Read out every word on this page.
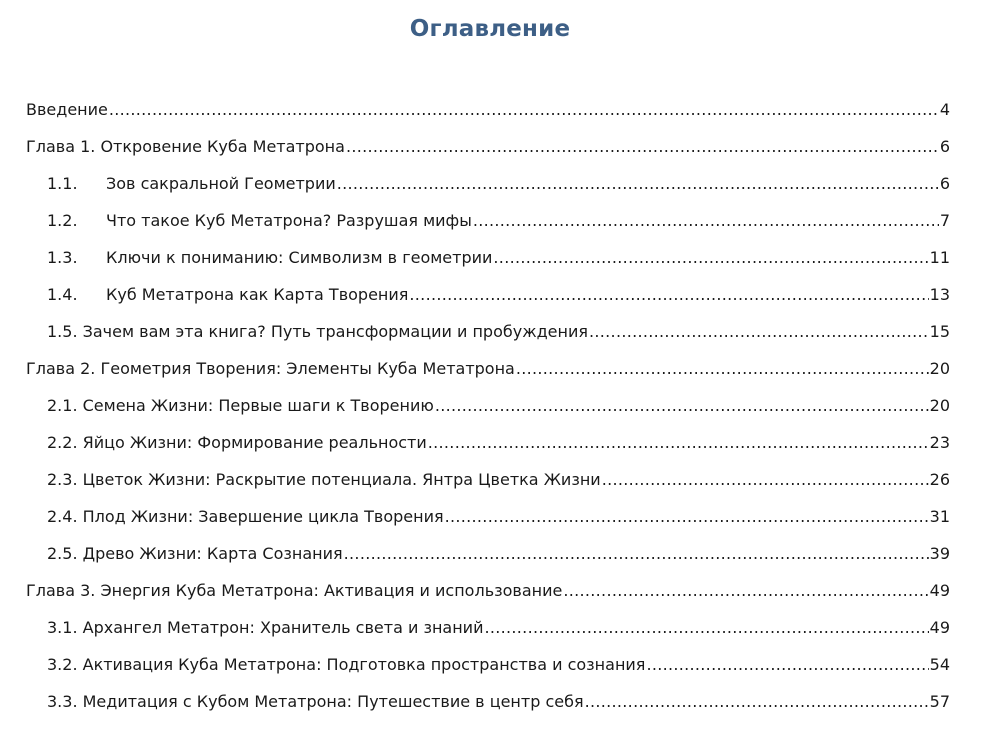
Оглавление
Введение .....	4
Глава 1. Откровение Куба Метатрона .....	6
1.1. Зов сакральной Геометрии .....	6
1.2. Что такое Куб Метатрона? Разрушая мифы .....	7
1.3. Ключи к пониманию: Символизм в геометрии .....	11
1.4. Куб Метатрона как Карта Творения .....	13
1.5. Зачем вам эта книга? Путь трансформации и пробуждения .....	15
Глава 2. Геометрия Творения: Элементы Куба Метатрона .....	20
2.1. Семена Жизни: Первые шаги к Творению .....	20
2.2. Яйцо Жизни: Формирование реальности .....	23
2.3. Цветок Жизни: Раскрытие потенциала. Янтра Цветка Жизни .....	26
2.4. Плод Жизни: Завершение цикла Творения .....	31
2.5. Древо Жизни: Карта Сознания .....	39
Глава 3. Энергия Куба Метатрона: Активация и использование .....	49
3.1. Архангел Метатрон: Хранитель света и знаний .....	49
3.2. Активация Куба Метатрона: Подготовка пространства и сознания .....	54
3.3. Медитация с Кубом Метатрона: Путешествие в центр себя .....	57
.....
